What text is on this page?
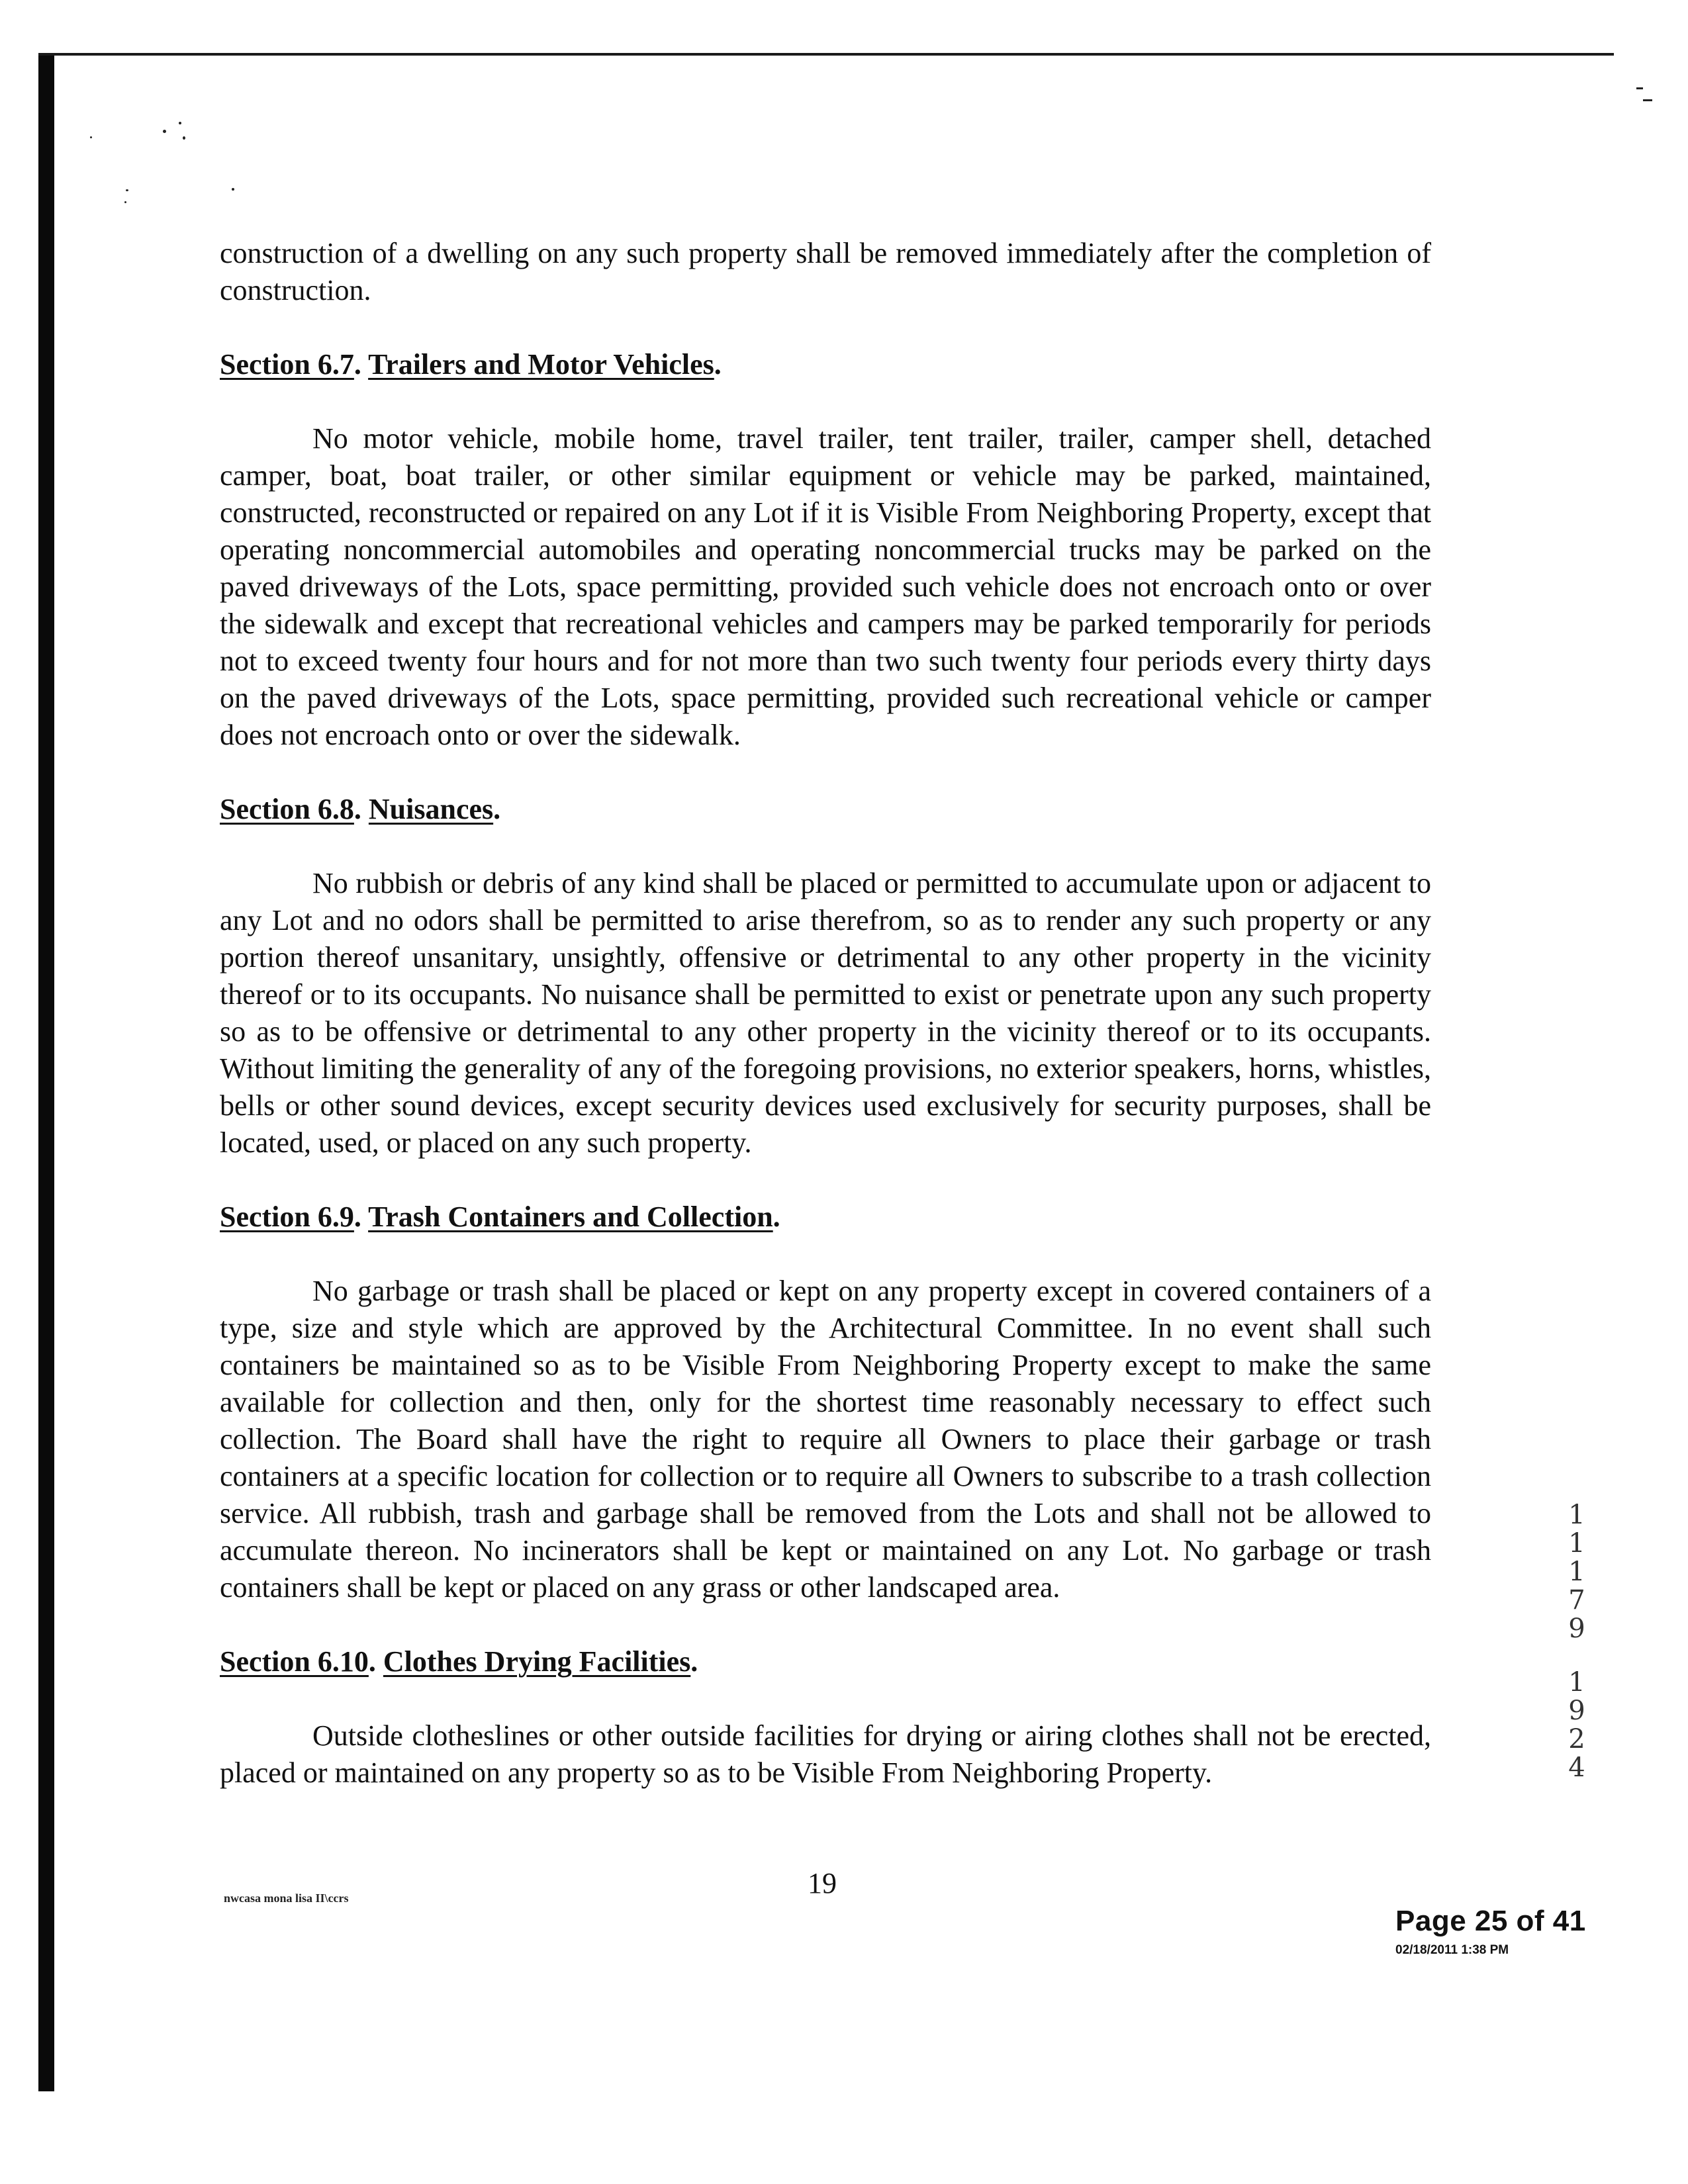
construction of a dwelling on any such property shall be removed immediately after the completion of construction.

Section 6.7. Trailers and Motor Vehicles.

No motor vehicle, mobile home, travel trailer, tent trailer, trailer, camper shell, detached camper, boat, boat trailer, or other similar equipment or vehicle may be parked, maintained, constructed, reconstructed or repaired on any Lot if it is Visible From Neighboring Property, except that operating noncommercial automobiles and operating noncommercial trucks may be parked on the paved driveways of the Lots, space permitting, provided such vehicle does not encroach onto or over the sidewalk and except that recreational vehicles and campers may be parked temporarily for periods not to exceed twenty four hours and for not more than two such twenty four periods every thirty days on the paved driveways of the Lots, space permitting, provided such recreational vehicle or camper does not encroach onto or over the sidewalk.

Section 6.8. Nuisances.

No rubbish or debris of any kind shall be placed or permitted to accumulate upon or adjacent to any Lot and no odors shall be permitted to arise therefrom, so as to render any such property or any portion thereof unsanitary, unsightly, offensive or detrimental to any other property in the vicinity thereof or to its occupants. No nuisance shall be permitted to exist or penetrate upon any such property so as to be offensive or detrimental to any other property in the vicinity thereof or to its occupants. Without limiting the generality of any of the foregoing provisions, no exterior speakers, horns, whistles, bells or other sound devices, except security devices used exclusively for security purposes, shall be located, used, or placed on any such property.

Section 6.9. Trash Containers and Collection.

No garbage or trash shall be placed or kept on any property except in covered containers of a type, size and style which are approved by the Architectural Committee. In no event shall such containers be maintained so as to be Visible From Neighboring Property except to make the same available for collection and then, only for the shortest time reasonably necessary to effect such collection. The Board shall have the right to require all Owners to place their garbage or trash containers at a specific location for collection or to require all Owners to subscribe to a trash collection service. All rubbish, trash and garbage shall be removed from the Lots and shall not be allowed to accumulate thereon. No incinerators shall be kept or maintained on any Lot. No garbage or trash containers shall be kept or placed on any grass or other landscaped area.

Section 6.10. Clothes Drying Facilities.

Outside clotheslines or other outside facilities for drying or airing clothes shall not be erected, placed or maintained on any property so as to be Visible From Neighboring Property.

nwcasa mona lisa II\ccrs	19
Page 25 of 41
02/18/2011 1:38 PM
1
1
1
7
9
1
9
2
4
